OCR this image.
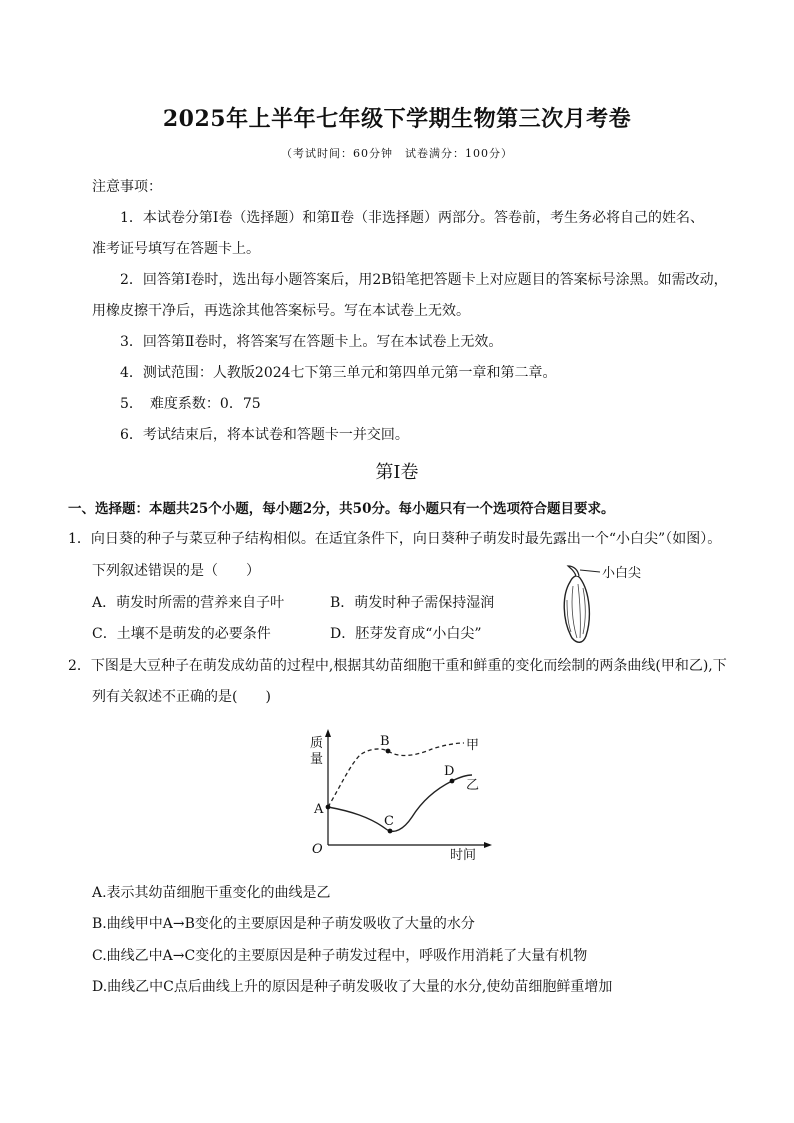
2025年上半年七年级下学期生物第三次月考卷
（考试时间：60分钟　试卷满分：100分）
注意事项：
1．本试卷分第Ⅰ卷（选择题）和第Ⅱ卷（非选择题）两部分。答卷前，考生务必将自己的姓名、
准考证号填写在答题卡上。
2．回答第Ⅰ卷时，选出每小题答案后，用2B铅笔把答题卡上对应题目的答案标号涂黑。如需改动，
用橡皮擦干净后，再选涂其他答案标号。写在本试卷上无效。
3．回答第Ⅱ卷时，将答案写在答题卡上。写在本试卷上无效。
4．测试范围：人教版2024七下第三单元和第四单元第一章和第二章。
5．　难度系数：0．75
6．考试结束后，将本试卷和答题卡一并交回。
第Ⅰ卷
一、选择题：本题共25个小题，每小题2分，共50分。每小题只有一个选项符合题目要求。
1．向日葵的种子与菜豆种子结构相似。在适宜条件下，向日葵种子萌发时最先露出一个“小白尖”（如图）。
下列叙述错误的是（　　）
A．萌发时所需的营养来自子叶	B．萌发时种子需保持湿润
C．土壤不是萌发的必要条件	D．胚芽发育成“小白尖”
小白尖
2．下图是大豆种子在萌发成幼苗的过程中,根据其幼苗细胞干重和鲜重的变化而绘制的两条曲线(甲和乙),下
列有关叙述不正确的是(　　)
质
量
时间
O
A
B
C
D
甲
乙
A.表示其幼苗细胞干重变化的曲线是乙
B.曲线甲中A→B变化的主要原因是种子萌发吸收了大量的水分
C.曲线乙中A→C变化的主要原因是种子萌发过程中，呼吸作用消耗了大量有机物
D.曲线乙中C点后曲线上升的原因是种子萌发吸收了大量的水分,使幼苗细胞鲜重增加
